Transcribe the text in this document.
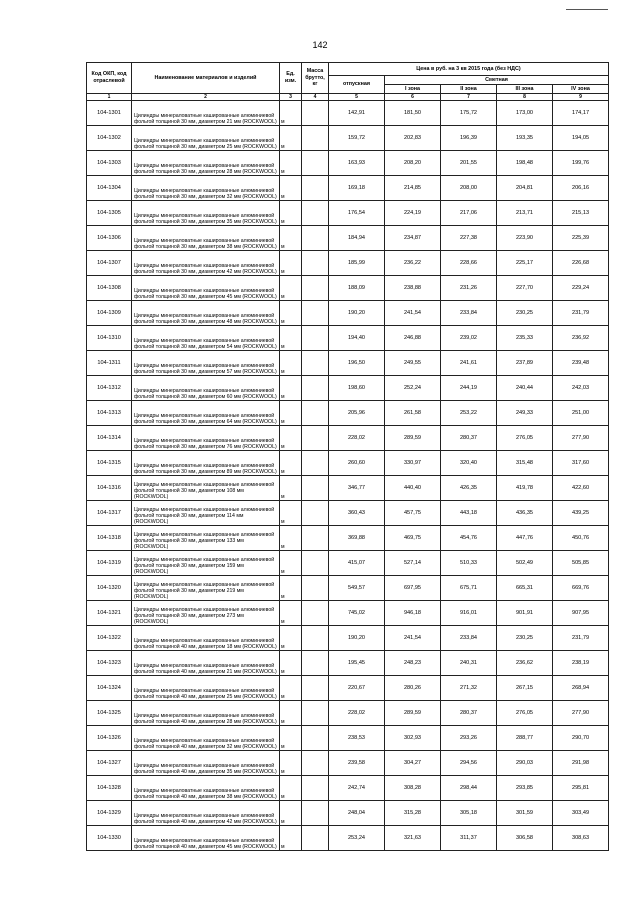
142
Код ОКП, код отраслевой	Наименование материалов и изделий	Ед. изм.	Масса брутто, кг	Цена в руб. на 3 кв 2015 года (без НДС)				
				отпускная	Сметная			
					I зона	II зона	III зона	IV зона
1	2	3	4	5	6	7	8	9
104-1301	Цилиндры минераловатные кашированные алюминиевой фольгой толщиной 30 мм, диаметром 21 мм (ROCKWOOL)	м		142,91	181,50	175,72	173,00	174,17
104-1302	Цилиндры минераловатные кашированные алюминиевой фольгой толщиной 30 мм, диаметром 25 мм (ROCKWOOL)	м		159,72	202,83	196,39	193,35	194,05
104-1303	Цилиндры минераловатные кашированные алюминиевой фольгой толщиной 30 мм, диаметром 28 мм (ROCKWOOL)	м		163,93	208,20	201,55	198,48	199,76
104-1304	Цилиндры минераловатные кашированные алюминиевой фольгой толщиной 30 мм, диаметром 32 мм (ROCKWOOL)	м		169,18	214,85	208,00	204,81	206,16
104-1305	Цилиндры минераловатные кашированные алюминиевой фольгой толщиной 30 мм, диаметром 35 мм (ROCKWOOL)	м		176,54	224,19	217,06	213,71	215,13
104-1306	Цилиндры минераловатные кашированные алюминиевой фольгой толщиной 30 мм, диаметром 38 мм (ROCKWOOL)	м		184,94	234,87	227,38	223,90	225,39
104-1307	Цилиндры минераловатные кашированные алюминиевой фольгой толщиной 30 мм, диаметром 42 мм (ROCKWOOL)	м		185,99	236,22	228,66	225,17	226,68
104-1308	Цилиндры минераловатные кашированные алюминиевой фольгой толщиной 30 мм, диаметром 45 мм (ROCKWOOL)	м		188,09	238,88	231,26	227,70	229,24
104-1309	Цилиндры минераловатные кашированные алюминиевой фольгой толщиной 30 мм, диаметром 48 мм (ROCKWOOL)	м		190,20	241,54	233,84	230,25	231,79
104-1310	Цилиндры минераловатные кашированные алюминиевой фольгой толщиной 30 мм, диаметром 54 мм (ROCKWOOL)	м		194,40	246,88	239,02	235,33	236,92
104-1311	Цилиндры минераловатные кашированные алюминиевой фольгой толщиной 30 мм, диаметром 57 мм (ROCKWOOL)	м		196,50	249,55	241,61	237,89	239,48
104-1312	Цилиндры минераловатные кашированные алюминиевой фольгой толщиной 30 мм, диаметром 60 мм (ROCKWOOL)	м		198,60	252,24	244,19	240,44	242,03
104-1313	Цилиндры минераловатные кашированные алюминиевой фольгой толщиной 30 мм, диаметром 64 мм (ROCKWOOL)	м		205,96	261,58	253,22	249,33	251,00
104-1314	Цилиндры минераловатные кашированные алюминиевой фольгой толщиной 30 мм, диаметром 76 мм (ROCKWOOL)	м		228,02	289,59	280,37	276,05	277,90
104-1315	Цилиндры минераловатные кашированные алюминиевой фольгой толщиной 30 мм, диаметром 89 мм (ROCKWOOL)	м		260,60	330,97	320,40	315,48	317,60
104-1316	Цилиндры минераловатные кашированные алюминиевой фольгой толщиной 30 мм, диаметром 108 мм (ROCKWOOL)	м		346,77	440,40	426,35	419,78	422,60
104-1317	Цилиндры минераловатные кашированные алюминиевой фольгой толщиной 30 мм, диаметром 114 мм (ROCKWOOL)	м		360,43	457,75	443,18	436,35	439,25
104-1318	Цилиндры минераловатные кашированные алюминиевой фольгой толщиной 30 мм, диаметром 133 мм (ROCKWOOL)	м		369,88	469,75	454,76	447,76	450,76
104-1319	Цилиндры минераловатные кашированные алюминиевой фольгой толщиной 30 мм, диаметром 159 мм (ROCKWOOL)	м		415,07	527,14	510,33	502,49	505,85
104-1320	Цилиндры минераловатные кашированные алюминиевой фольгой толщиной 30 мм, диаметром 219 мм (ROCKWOOL)	м		549,57	697,95	675,71	665,31	669,76
104-1321	Цилиндры минераловатные кашированные алюминиевой фольгой толщиной 30 мм, диаметром 273 мм (ROCKWOOL)	м		745,02	946,18	916,01	901,91	907,95
104-1322	Цилиндры минераловатные кашированные алюминиевой фольгой толщиной 40 мм, диаметром 18 мм (ROCKWOOL)	м		190,20	241,54	233,84	230,25	231,79
104-1323	Цилиндры минераловатные кашированные алюминиевой фольгой толщиной 40 мм, диаметром 21 мм (ROCKWOOL)	м		195,45	248,23	240,31	236,62	238,19
104-1324	Цилиндры минераловатные кашированные алюминиевой фольгой толщиной 40 мм, диаметром 25 мм (ROCKWOOL)	м		220,67	280,26	271,32	267,15	268,94
104-1325	Цилиндры минераловатные кашированные алюминиевой фольгой толщиной 40 мм, диаметром 28 мм (ROCKWOOL)	м		228,02	289,59	280,37	276,05	277,90
104-1326	Цилиндры минераловатные кашированные алюминиевой фольгой толщиной 40 мм, диаметром 32 мм (ROCKWOOL)	м		238,53	302,93	293,26	288,77	290,70
104-1327	Цилиндры минераловатные кашированные алюминиевой фольгой толщиной 40 мм, диаметром 35 мм (ROCKWOOL)	м		239,58	304,27	294,56	290,03	291,98
104-1328	Цилиндры минераловатные кашированные алюминиевой фольгой толщиной 40 мм, диаметром 38 мм (ROCKWOOL)	м		242,74	308,28	298,44	293,85	295,81
104-1329	Цилиндры минераловатные кашированные алюминиевой фольгой толщиной 40 мм, диаметром 42 мм (ROCKWOOL)	м		248,04	315,28	305,18	301,59	303,49
104-1330	Цилиндры минераловатные кашированные алюминиевой фольгой толщиной 40 мм, диаметром 45 мм (ROCKWOOL)	м		253,24	321,63	311,37	306,58	308,63
